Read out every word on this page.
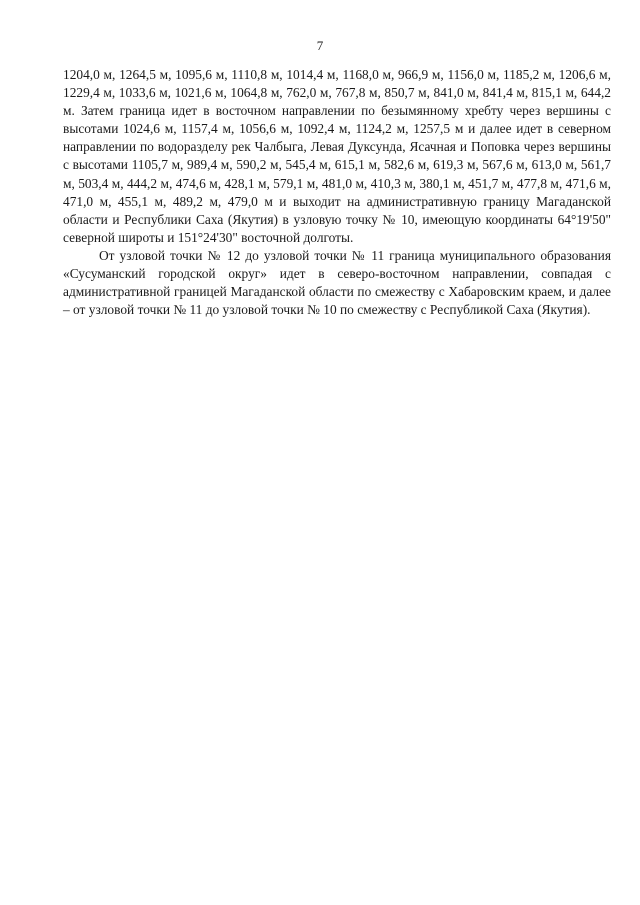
7

1204,0 м, 1264,5 м, 1095,6 м, 1110,8 м, 1014,4 м, 1168,0 м, 966,9 м, 1156,0 м, 1185,2 м, 1206,6 м, 1229,4 м, 1033,6 м, 1021,6 м, 1064,8 м, 762,0 м, 767,8 м, 850,7 м, 841,0 м, 841,4 м, 815,1 м, 644,2 м. Затем граница идет в восточном направлении по безымянному хребту через вершины с высотами 1024,6 м, 1157,4 м, 1056,6 м, 1092,4 м, 1124,2 м, 1257,5 м и далее идет в северном направлении по водоразделу рек Чалбыга, Левая Дуксунда, Ясачная и Поповка через вершины с высотами 1105,7 м, 989,4 м, 590,2 м, 545,4 м, 615,1 м, 582,6 м, 619,3 м, 567,6 м, 613,0 м, 561,7 м, 503,4 м, 444,2 м, 474,6 м, 428,1 м, 579,1 м, 481,0 м, 410,3 м, 380,1 м, 451,7 м, 477,8 м, 471,6 м, 471,0 м, 455,1 м, 489,2 м, 479,0 м и выходит на административную границу Магаданской области и Республики Саха (Якутия) в узловую точку № 10, имеющую координаты 64°19'50" северной широты и 151°24'30" восточной долготы.

От узловой точки № 12 до узловой точки № 11 граница муниципального образования «Сусуманский городской округ» идет в северо-восточном направлении, совпадая с административной границей Магаданской области по смежеству с Хабаровским краем, и далее – от узловой точки № 11 до узловой точки № 10 по смежеству с Республикой Саха (Якутия).
